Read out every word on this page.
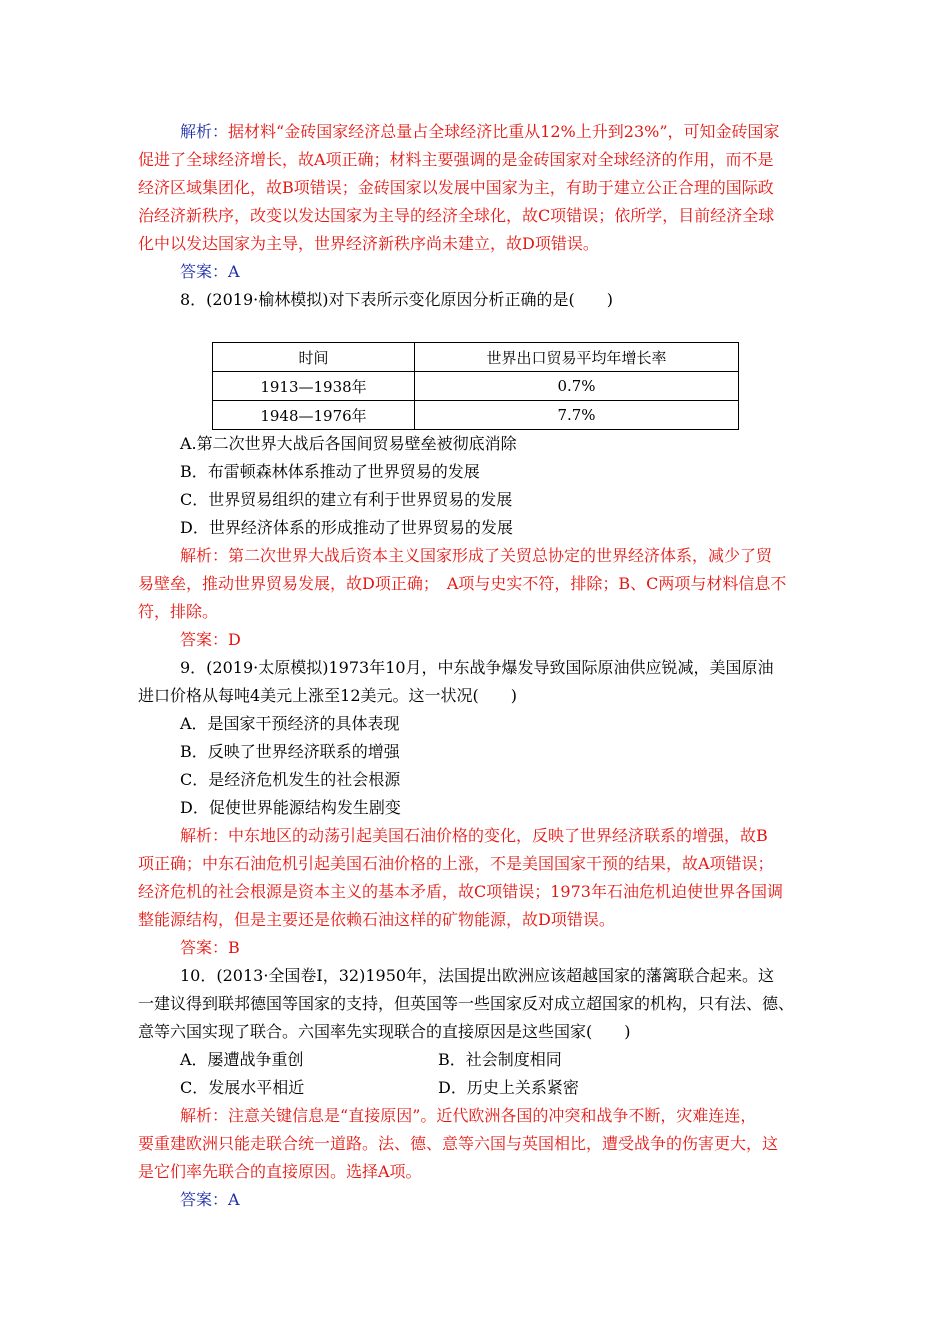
解析：据材料“金砖国家经济总量占全球经济比重从12%上升到23%”，可知金砖国家
促进了全球经济增长，故A项正确；材料主要强调的是金砖国家对全球经济的作用，而不是
经济区域集团化，故B项错误；金砖国家以发展中国家为主，有助于建立公正合理的国际政
治经济新秩序，改变以发达国家为主导的经济全球化，故C项错误；依所学，目前经济全球
化中以发达国家为主导，世界经济新秩序尚未建立，故D项错误。
答案：A
8．(2019·榆林模拟)对下表所示变化原因分析正确的是(　　)
时间	世界出口贸易平均年增长率
1913—1938年	0.7%
1948—1976年	7.7%
A.第二次世界大战后各国间贸易壁垒被彻底消除
B．布雷顿森林体系推动了世界贸易的发展
C．世界贸易组织的建立有利于世界贸易的发展
D．世界经济体系的形成推动了世界贸易的发展
解析：第二次世界大战后资本主义国家形成了关贸总协定的世界经济体系，减少了贸
易壁垒，推动世界贸易发展，故D项正确；　A项与史实不符，排除；B、C两项与材料信息不
符，排除。
答案：D
9．(2019·太原模拟)1973年10月，中东战争爆发导致国际原油供应锐减，美国原油
进口价格从每吨4美元上涨至12美元。这一状况(　　)
A．是国家干预经济的具体表现
B．反映了世界经济联系的增强
C．是经济危机发生的社会根源
D．促使世界能源结构发生剧变
解析：中东地区的动荡引起美国石油价格的变化，反映了世界经济联系的增强，故B
项正确；中东石油危机引起美国石油价格的上涨，不是美国国家干预的结果，故A项错误；
经济危机的社会根源是资本主义的基本矛盾，故C项错误；1973年石油危机迫使世界各国调
整能源结构，但是主要还是依赖石油这样的矿物能源，故D项错误。
答案：B
10．(2013·全国卷Ⅰ，32)1950年，法国提出欧洲应该超越国家的藩篱联合起来。这
一建议得到联邦德国等国家的支持，但英国等一些国家反对成立超国家的机构，只有法、德、
意等六国实现了联合。六国率先实现联合的直接原因是这些国家(　　)
A．屡遭战争重创	B．社会制度相同
C．发展水平相近	D．历史上关系紧密
解析：注意关键信息是“直接原因”。近代欧洲各国的冲突和战争不断，灾难连连，
要重建欧洲只能走联合统一道路。法、德、意等六国与英国相比，遭受战争的伤害更大，这
是它们率先联合的直接原因。选择A项。
答案：A
